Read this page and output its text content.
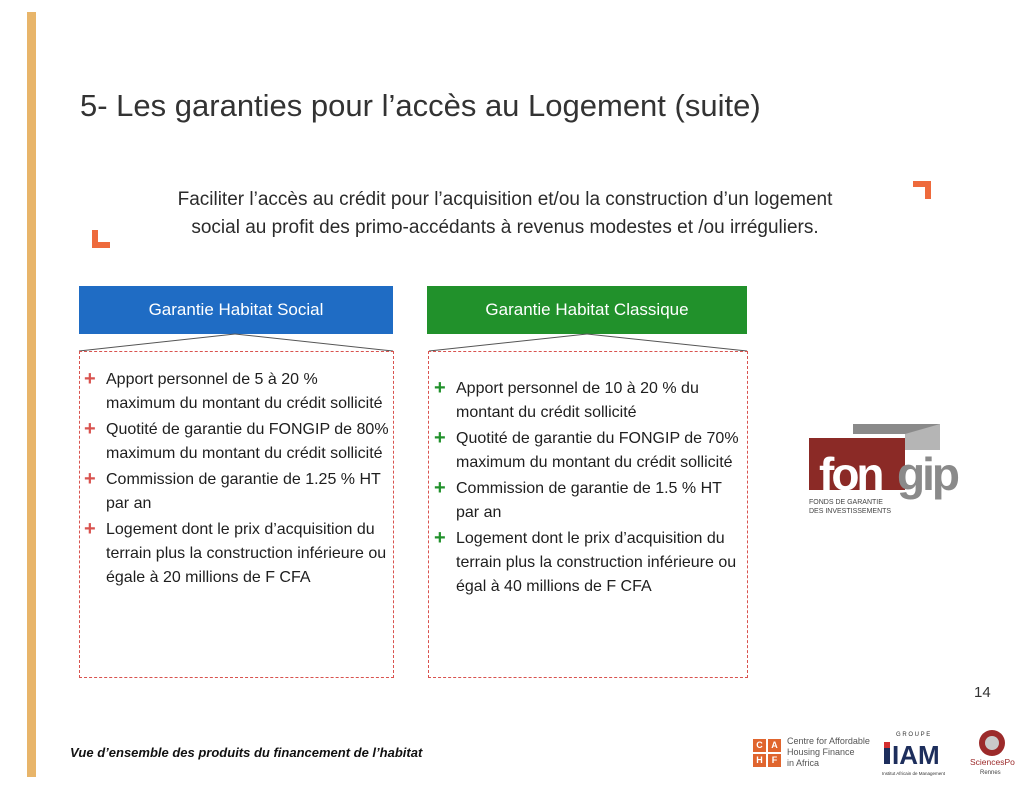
5- Les garanties pour l’accès au Logement (suite)
Faciliter l’accès au crédit pour l’acquisition et/ou la construction d’un logement
social au profit des primo-accédants à revenus modestes et /ou irréguliers.
Garantie Habitat Social	Garantie Habitat Classique
+ Apport personnel de 5 à 20 % maximum du montant du crédit sollicité
+ Quotité de garantie du FONGIP de 80% maximum du montant du crédit sollicité
+ Commission de garantie de 1.25 % HT par an
+ Logement dont le prix d’acquisition du terrain plus la construction inférieure ou égale à 20 millions de F CFA
+ Apport personnel de 10 à 20 % du montant du crédit sollicité
+ Quotité de garantie du FONGIP de 70% maximum du montant du crédit sollicité
+ Commission de garantie de 1.5 % HT par an
+ Logement dont le prix d’acquisition du terrain plus la construction inférieure ou égal à 40 millions de F CFA
fon gip
FONDS DE GARANTIE
DES INVESTISSEMENTS
14
Vue d’ensemble des produits du financement de l’habitat	C A
H	F
Centre for Affordable
Housing Finance
in Africa
G R O U P E
IAM
Institut Africain de Management
SciencesPo
Rennes
